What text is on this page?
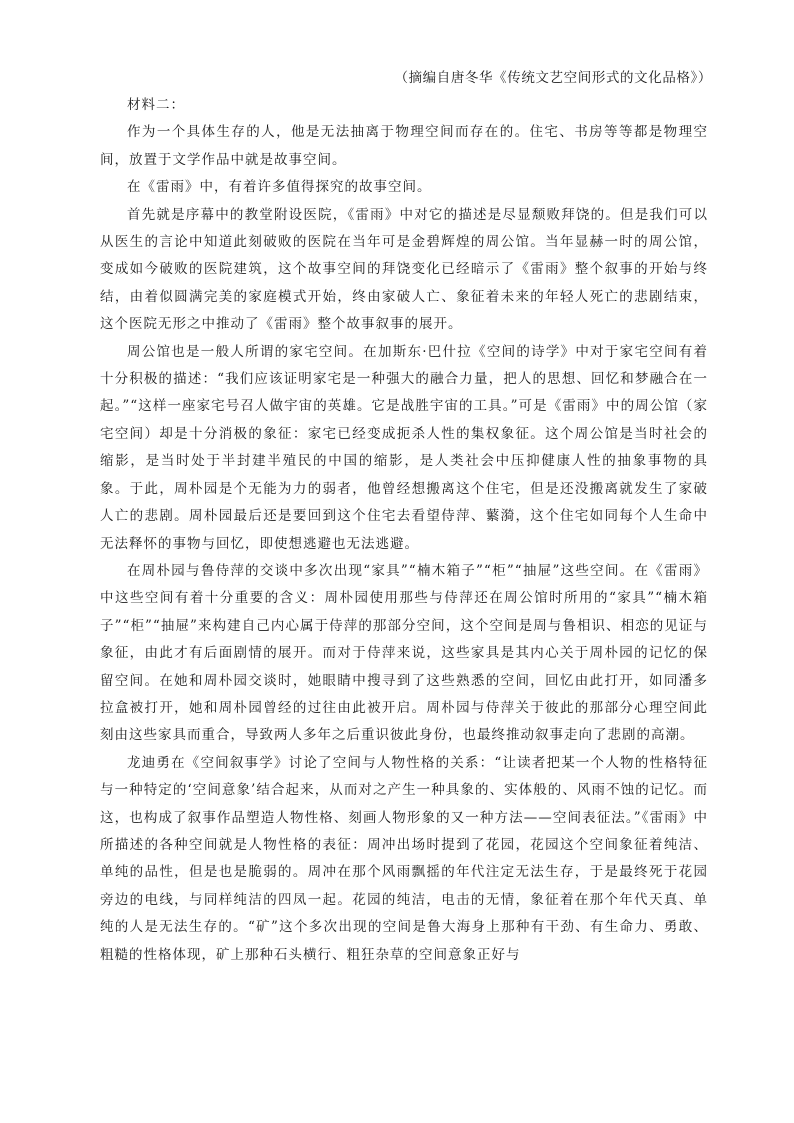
（摘编自唐冬华《传统文艺空间形式的文化品格》）

材料二：

作为一个具体生存的人，他是无法抽离于物理空间而存在的。住宅、书房等等都是物理空间，放置于文学作品中就是故事空间。

在《雷雨》中，有着许多值得探究的故事空间。

首先就是序幕中的教堂附设医院，《雷雨》中对它的描述是尽显颓败拜饶的。但是我们可以从医生的言论中知道此刻破败的医院在当年可是金碧辉煌的周公馆。当年显赫一时的周公馆，变成如今破败的医院建筑，这个故事空间的拜饶变化已经暗示了《雷雨》整个叙事的开始与终结，由着似圆满完美的家庭模式开始，终由家破人亡、象征着未来的年轻人死亡的悲剧结束，这个医院无形之中推动了《雷雨》整个故事叙事的展开。

周公馆也是一般人所谓的家宅空间。在加斯东·巴什拉《空间的诗学》中对于家宅空间有着十分积极的描述：“我们应该证明家宅是一种强大的融合力量，把人的思想、回忆和梦融合在一起。”“这样一座家宅号召人做宇宙的英雄。它是战胜宇宙的工具。”可是《雷雨》中的周公馆（家宅空间）却是十分消极的象征：家宅已经变成扼杀人性的集权象征。这个周公馆是当时社会的缩影，是当时处于半封建半殖民的中国的缩影，是人类社会中压抑健康人性的抽象事物的具象。于此，周朴园是个无能为力的弱者，他曾经想搬离这个住宅，但是还没搬离就发生了家破人亡的悲剧。周朴园最后还是要回到这个住宅去看望侍萍、蘩漪，这个住宅如同每个人生命中无法释怀的事物与回忆，即使想逃避也无法逃避。

在周朴园与鲁侍萍的交谈中多次出现“家具”“楠木箱子”“柜”“抽屉”这些空间。在《雷雨》中这些空间有着十分重要的含义：周朴园使用那些与侍萍还在周公馆时所用的“家具”“楠木箱子”“柜”“抽屉”来构建自己内心属于侍萍的那部分空间，这个空间是周与鲁相识、相恋的见证与象征，由此才有后面剧情的展开。而对于侍萍来说，这些家具是其内心关于周朴园的记忆的保留空间。在她和周朴园交谈时，她眼睛中搜寻到了这些熟悉的空间，回忆由此打开，如同潘多拉盒被打开，她和周朴园曾经的过往由此被开启。周朴园与侍萍关于彼此的那部分心理空间此刻由这些家具而重合，导致两人多年之后重识彼此身份，也最终推动叙事走向了悲剧的高潮。

龙迪勇在《空间叙事学》讨论了空间与人物性格的关系：“让读者把某一个人物的性格特征与一种特定的‘空间意象’结合起来，从而对之产生一种具象的、实体般的、风雨不蚀的记忆。而这，也构成了叙事作品塑造人物性格、刻画人物形象的又一种方法——空间表征法。”《雷雨》中所描述的各种空间就是人物性格的表征：周冲出场时提到了花园，花园这个空间象征着纯洁、单纯的品性，但是也是脆弱的。周冲在那个风雨飘摇的年代注定无法生存，于是最终死于花园旁边的电线，与同样纯洁的四凤一起。花园的纯洁，电击的无情，象征着在那个年代天真、单纯的人是无法生存的。“矿”这个多次出现的空间是鲁大海身上那种有干劲、有生命力、勇敢、粗糙的性格体现，矿上那种石头横行、粗狂杂草的空间意象正好与
